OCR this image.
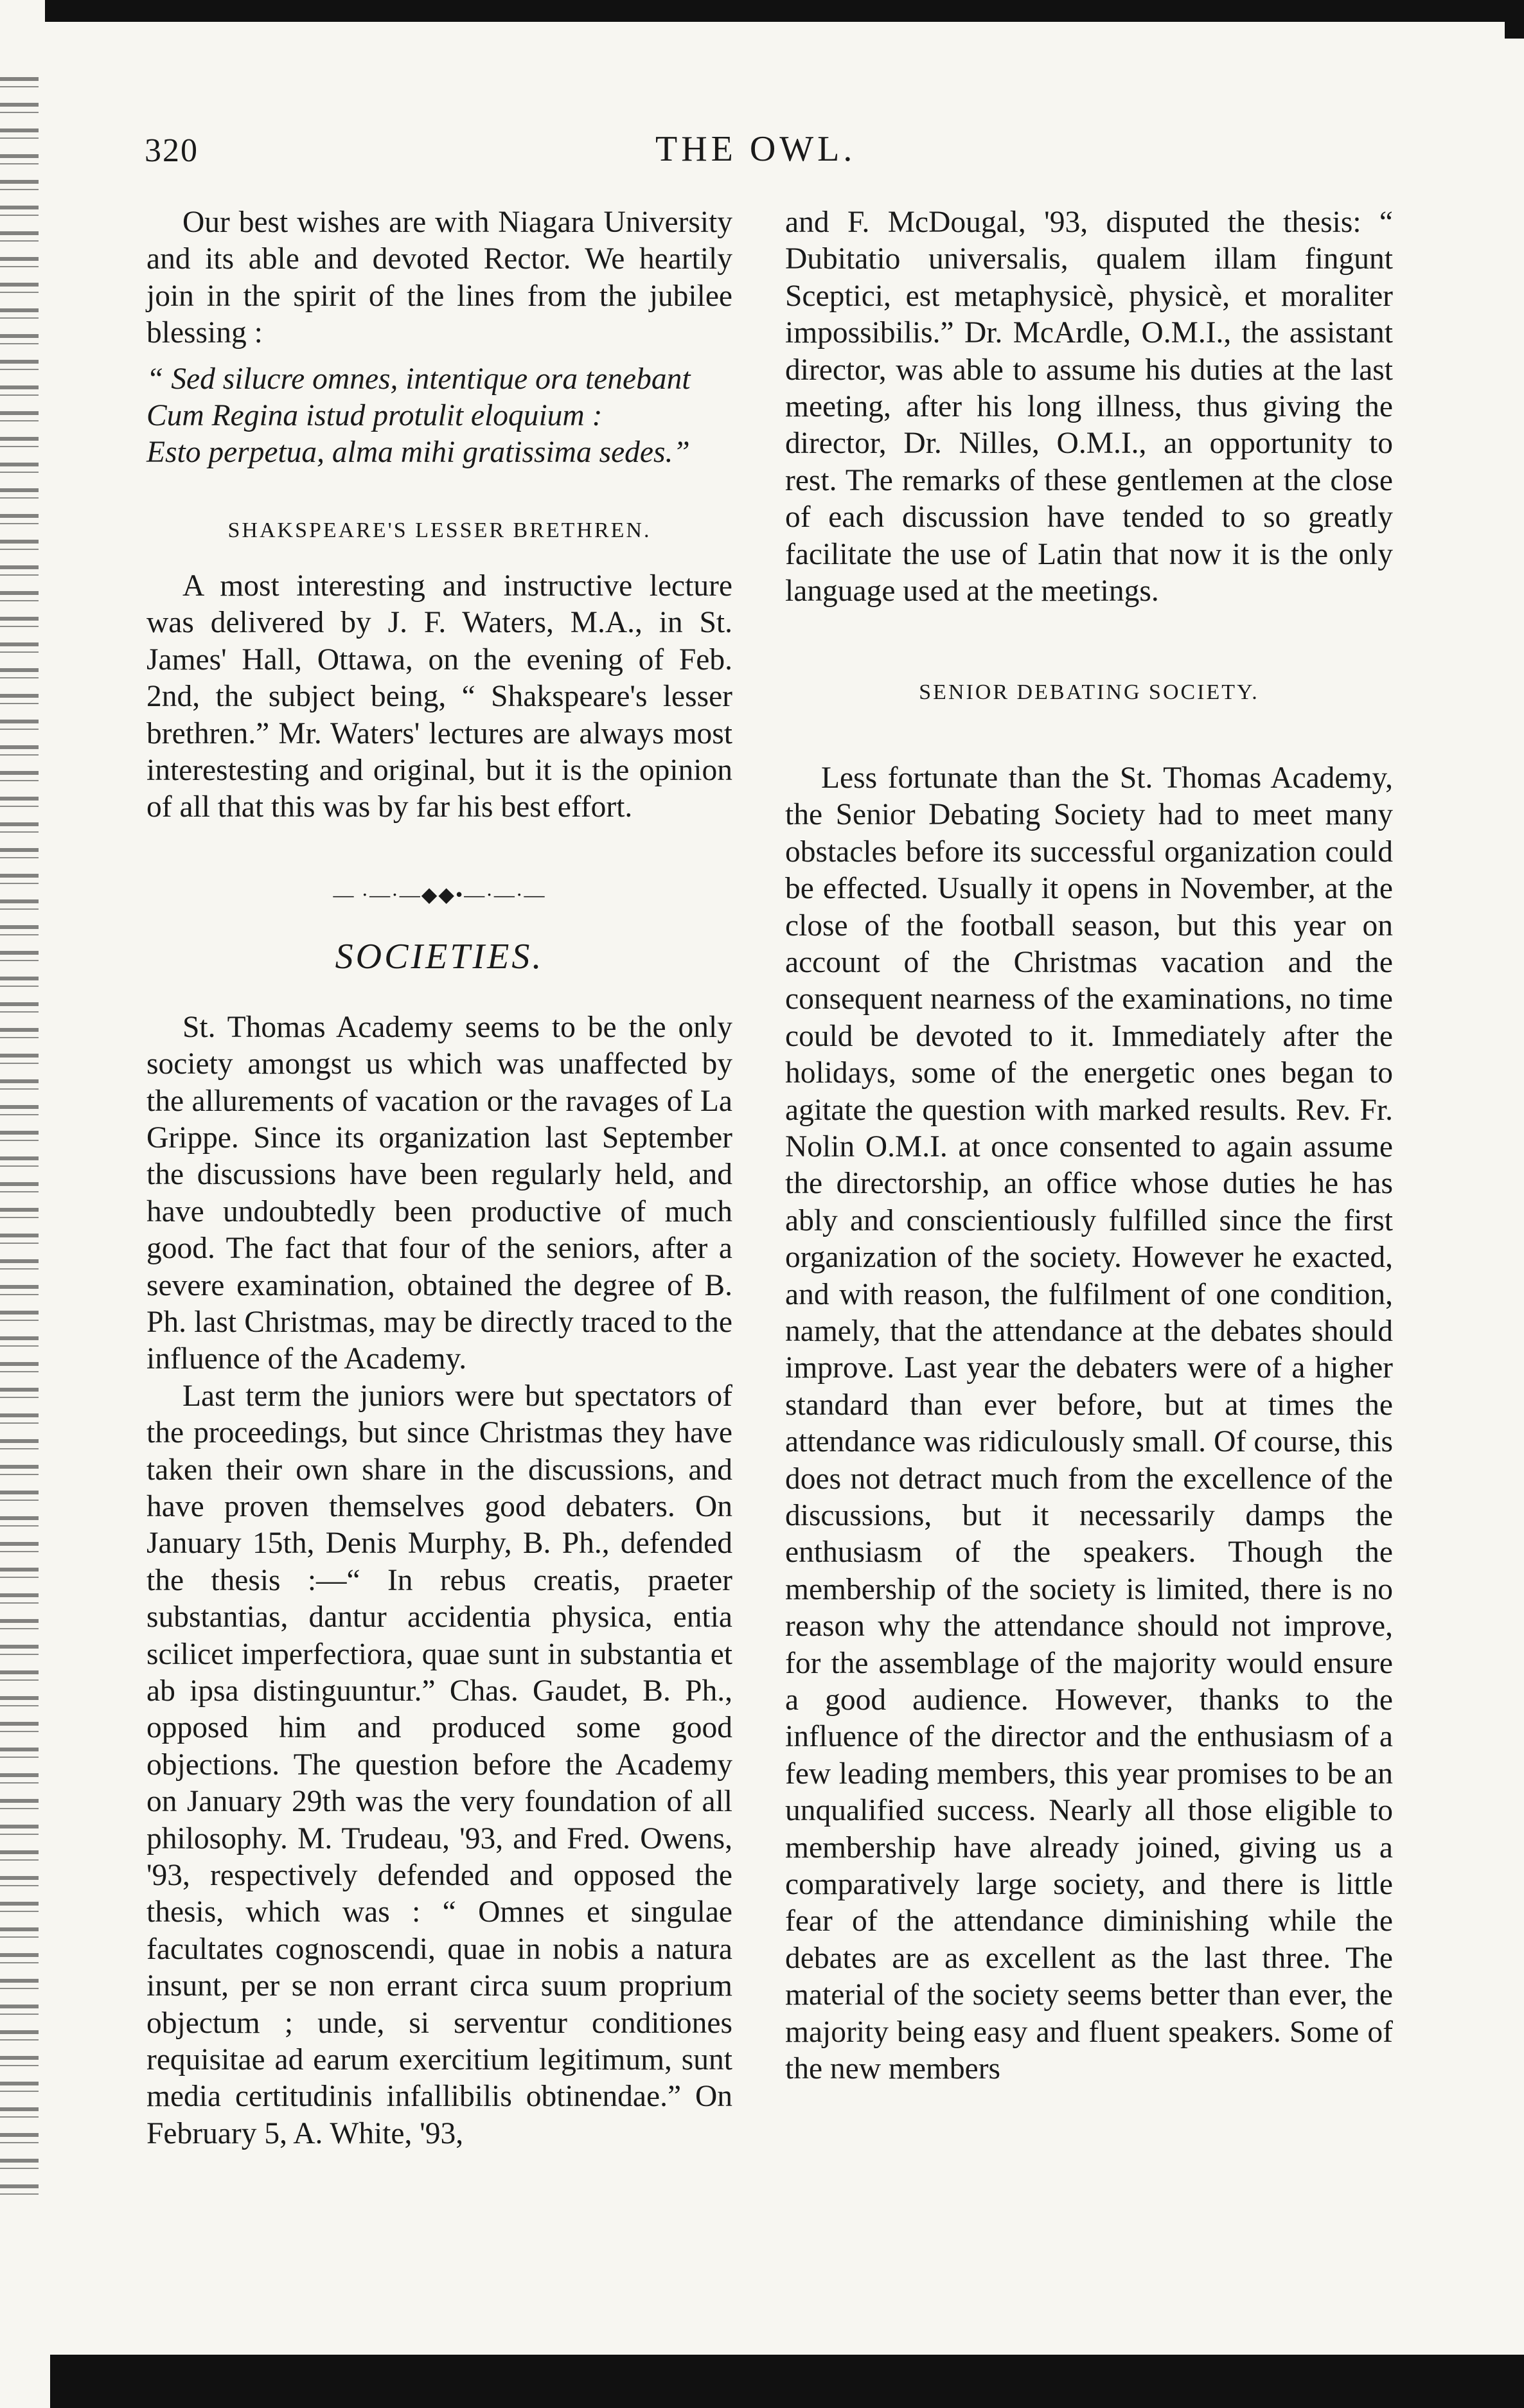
320	THE OWL.

Our best wishes are with Niagara University and its able and devoted Rector. We heartily join in the spirit of the lines from the jubilee blessing :

“ Sed silucre omnes, intentique ora tenebant
Cum Regina istud protulit eloquium :
Esto perpetua, alma mihi gratissima sedes.”
SHAKSPEARE'S LESSER BRETHREN.

A most interesting and instructive lecture was delivered by J. F. Waters, M.A., in St. James' Hall, Ottawa, on the evening of Feb. 2nd, the subject being, “ Shakspeare's lesser brethren.” Mr. Waters' lectures are always most interestesting and original, but it is the opinion of all that this was by far his best effort.

— ·—·—◆◆•—·—·—
SOCIETIES.

St. Thomas Academy seems to be the only society amongst us which was unaffected by the allurements of vacation or the ravages of La Grippe. Since its organization last September the discussions have been regularly held, and have undoubtedly been productive of much good. The fact that four of the seniors, after a severe examination, obtained the degree of B. Ph. last Christmas, may be directly traced to the influence of the Academy.

Last term the juniors were but spectators of the proceedings, but since Christmas they have taken their own share in the discussions, and have proven themselves good debaters. On January 15th, Denis Murphy, B. Ph., defended the thesis :—“ In rebus creatis, praeter substantias, dantur accidentia physica, entia scilicet imperfectiora, quae sunt in substantia et ab ipsa distinguuntur.” Chas. Gaudet, B. Ph., opposed him and produced some good objections. The question before the Academy on January 29th was the very foundation of all philosophy. M. Trudeau, '93, and Fred. Owens, '93, respectively defended and opposed the thesis, which was : “ Omnes et singulae facultates cognoscendi, quae in nobis a natura insunt, per se non errant circa suum proprium objectum ; unde, si serventur conditiones requisitae ad earum exercitium legitimum, sunt media certitudinis infallibilis obtinendae.” On February 5, A. White, '93,

and F. McDougal, '93, disputed the thesis: “ Dubitatio universalis, qualem illam fingunt Sceptici, est metaphysicè, physicè, et moraliter impossibilis.” Dr. McArdle, O.M.I., the assistant director, was able to assume his duties at the last meeting, after his long illness, thus giving the director, Dr. Nilles, O.M.I., an opportunity to rest. The remarks of these gentlemen at the close of each discussion have tended to so greatly facilitate the use of Latin that now it is the only language used at the meetings.

SENIOR DEBATING SOCIETY.

Less fortunate than the St. Thomas Academy, the Senior Debating Society had to meet many obstacles before its successful organization could be effected. Usually it opens in November, at the close of the football season, but this year on account of the Christmas vacation and the consequent nearness of the examinations, no time could be devoted to it. Immediately after the holidays, some of the energetic ones began to agitate the question with marked results. Rev. Fr. Nolin O.M.I. at once consented to again assume the directorship, an office whose duties he has ably and conscientiously fulfilled since the first organization of the society. However he exacted, and with reason, the fulfilment of one condition, namely, that the attendance at the debates should improve. Last year the debaters were of a higher standard than ever before, but at times the attendance was ridiculously small. Of course, this does not detract much from the excellence of the discussions, but it necessarily damps the enthusiasm of the speakers. Though the membership of the society is limited, there is no reason why the attendance should not improve, for the assemblage of the majority would ensure a good audience. However, thanks to the influence of the director and the enthusiasm of a few leading members, this year promises to be an unqualified success. Nearly all those eligible to membership have already joined, giving us a comparatively large society, and there is little fear of the attendance diminishing while the debates are as excellent as the last three. The material of the society seems better than ever, the majority being easy and fluent speakers. Some of the new members
